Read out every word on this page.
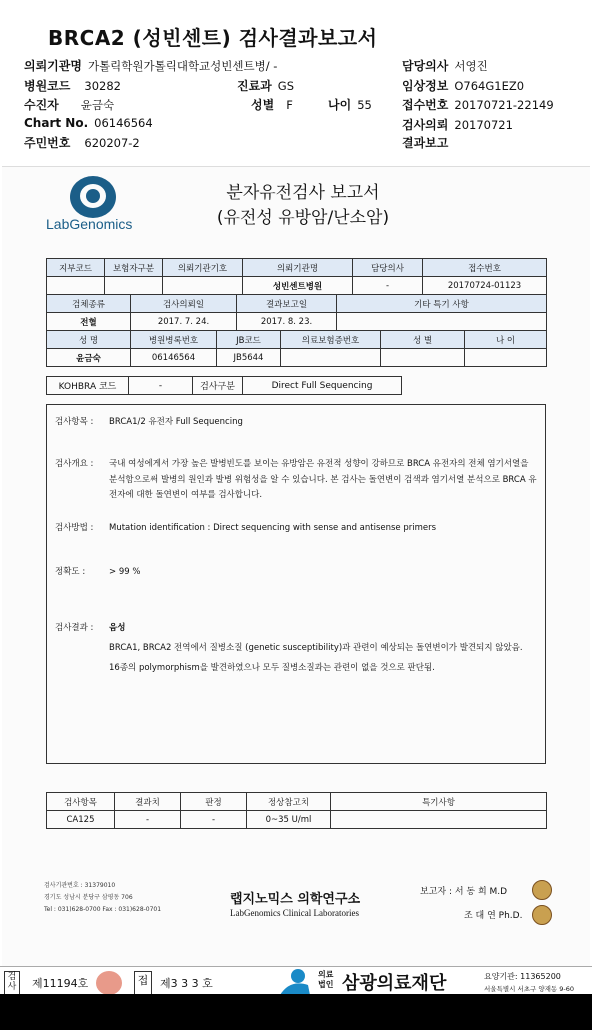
BRCA2 (성빈센트) 검사결과보고서
의뢰기관명 가톨릭학원가톨릭대학교성빈센트병/ -	담당의사 서영진
병원코드 30282	진료과 GS	임상정보 O764G1EZ0
수진자 윤금숙	성별 F	나이 55	접수번호 20170721-22149
Chart No. 06146564	검사의뢰 20170721
주민번호 620207-2	결과보고
LabGenomics
분자유전검사 보고서
(유전성 유방암/난소암)
지부코드	보험자구분	의뢰기관기호	의뢰기관명	담당의사	접수번호
			성빈센트병원	-	20170724-01123
검체종류	검사의뢰일	결과보고일	기타 특기 사항
전혈	2017. 7. 24.	2017. 8. 23.	
성 명	병원병록번호	JB코드	의료보험증번호	성 별	나 이
윤금숙	06146564	JB5644			
KOHBRA 코드	-	검사구분	Direct Full Sequencing
검사항목 : BRCA1/2 유전자 Full Sequencing
검사개요 : 국내 여성에게서 가장 높은 발병빈도를 보이는 유방암은 유전적 성향이 강하므로 BRCA 유전자의 전체 염기서열을 분석함으로써 발병의 원인과 발병 위험성을 알 수 있습니다. 본 검사는 돌연변이 검색과 염기서열 분석으로 BRCA 유전자에 대한 돌연변이 여부를 검사합니다.
검사방법 : Mutation identification : Direct sequencing with sense and antisense primers
정확도 :	> 99 %
검사결과 : 음성
BRCA1, BRCA2 전역에서 질병소질 (genetic susceptibility)과 관련이 예상되는 돌연변이가 발견되지 않았음.
16종의 polymorphism을 발견하였으나 모두 질병소질과는 관련이 없을 것으로 판단됨.
검사항목	결과치	판정	정상참고치	특기사항
CA125	-	-	0~35 U/ml	
검사기관번호 : 31379010
경기도 성남시 분당구 삼평동 706
Tel : 031)628-0700 Fax : 031)628-0701
랩지노믹스 의학연구소
LabGenomics Clinical Laboratories
보고자 : 서 동 희 M.D
조 대 연 Ph.D.
검사	제11194호	접	제3 3 3 호
의료법인 삼광의료재단	요양기관: 11365200
서울특별시 서초구 양재동 9-60
